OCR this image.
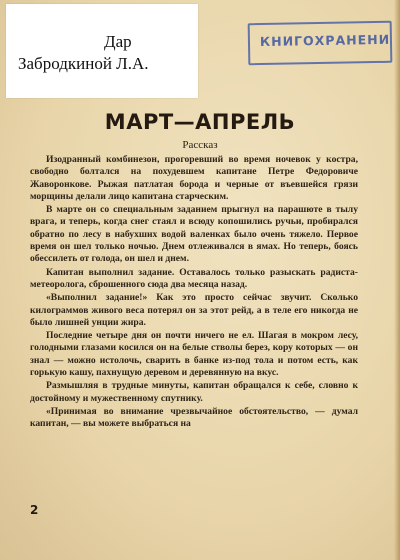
Дар
Забродкиной Л.А.
КНИГОХРАНЕНИ
МАРТ—АПРЕЛЬ
Рассказ

Изодранный комбинезон, прогоревший во время ночевок у костра, свободно болтался на похудевшем капитане Петре Федоровиче Жаворонкове. Рыжая патлатая борода и черные от въевшейся грязи морщины делали лицо капитана старческим.

В марте он со специальным заданием прыгнул на парашюте в тылу врага, и теперь, когда снег стаял и всюду копошились ручьи, пробирался обратно по лесу в набухших водой валенках было очень тяжело. Первое время он шел только ночью. Днем отлеживался в ямах. Но теперь, боясь обессилеть от голода, он шел и днем.

Капитан выполнил задание. Оставалось только разыскать радиста-метеоролога, сброшенного сюда два месяца назад.

«Выполнил задание!» Как это просто сейчас звучит. Сколько килограммов живого веса потерял он за этот рейд, а в теле его никогда не было лишней унции жира.

Последние четыре дня он почти ничего не ел. Шагая в мокром лесу, голодными глазами косился он на белые стволы берез, кору которых — он знал — можно истолочь, сварить в банке из-под тола и потом есть, как горькую кашу, пахнущую деревом и деревянную на вкус.

Размышляя в трудные минуты, капитан обращался к себе, словно к достойному и мужественному спутнику.

«Принимая во внимание чрезвычайное обстоятельство, — думал капитан, — вы можете выбраться на

2
